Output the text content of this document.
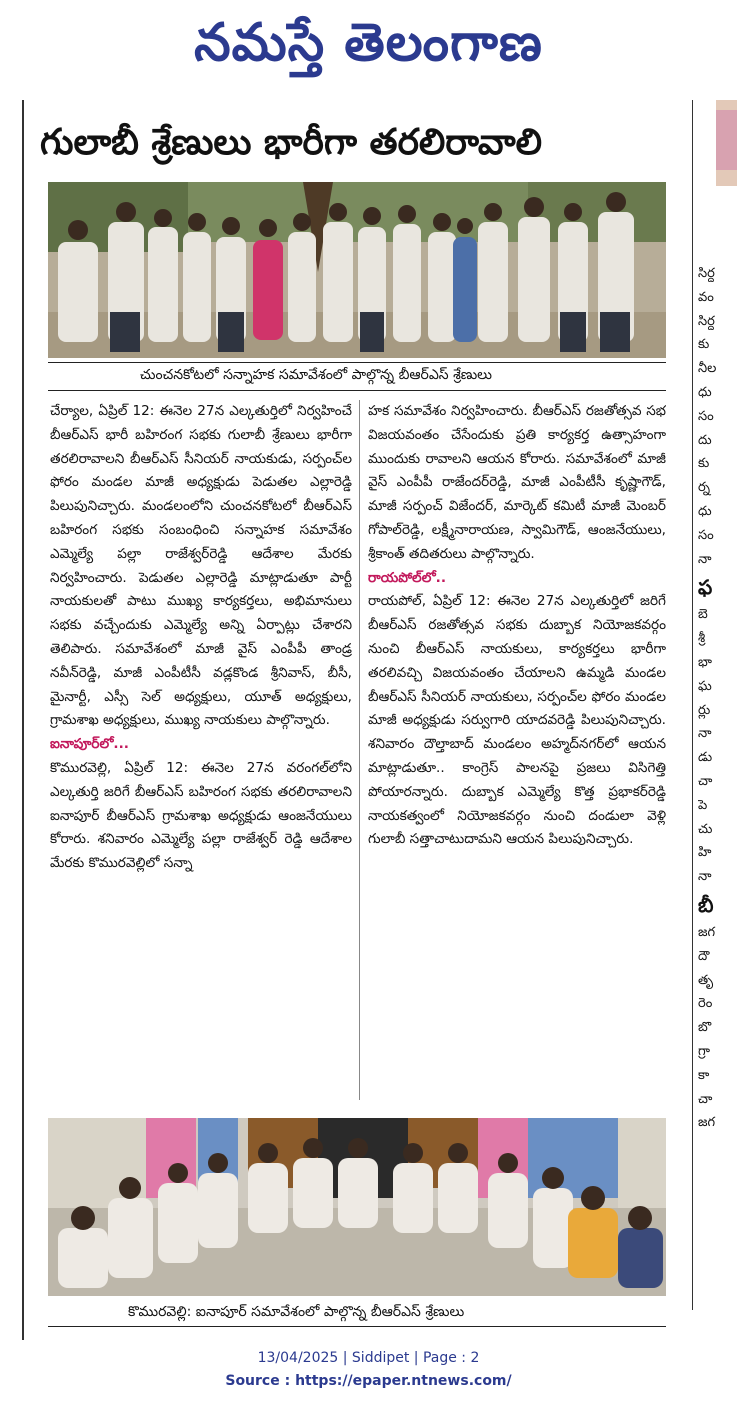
నమస్తే తెలంగాణ
గులాబీ శ్రేణులు భారీగా తరలిరావాలి
చుంచనకోటలో సన్నాహక సమావేశంలో పాల్గొన్న బీఆర్ఎస్ శ్రేణులు

చేర్యాల, ఏప్రిల్ 12: ఈనెల 27న ఎల్కతుర్తిలో నిర్వహించే బీఆర్ఎస్ భారీ బహిరంగ సభకు గులాబీ శ్రేణులు భారీగా తరలిరావాలని బీఆర్ఎస్ సీనియర్ నాయకుడు, సర్పంచ్‌ల ఫోరం మండల మాజీ అధ్యక్షుడు పెడుతల ఎల్లారెడ్డి పిలుపునిచ్చారు. మండలంలోని చుంచనకోటలో బీఆర్ఎస్ బహిరంగ సభకు సంబంధించి సన్నాహక సమావేశం ఎమ్మెల్యే పల్లా రాజేశ్వర్‌రెడ్డి ఆదేశాల మేరకు నిర్వహించారు. పెడుతల ఎల్లారెడ్డి మాట్లాడుతూ పార్టీ నాయకులతో పాటు ముఖ్య కార్యకర్తలు, అభిమానులు సభకు వచ్చేందుకు ఎమ్మెల్యే అన్ని ఏర్పాట్లు చేశారని తెలిపారు. సమావేశంలో మాజీ వైస్ ఎంపీపీ తాండ్ర నవీన్‌రెడ్డి, మాజీ ఎంపీటీసీ వడ్లకొండ శ్రీనివాస్, బీసీ, మైనార్టీ, ఎస్సీ సెల్ అధ్యక్షులు, యూత్ అధ్యక్షులు, గ్రామశాఖ అధ్యక్షులు, ముఖ్య నాయకులు పాల్గొన్నారు.

ఐనాపూర్‌లో...

కొమురవెల్లి, ఏప్రిల్ 12: ఈనెల 27న వరంగల్‌లోని ఎల్కతుర్తి జరిగే బీఆర్ఎస్ బహిరంగ సభకు తరలిరావాలని ఐనాపూర్ బీఆర్ఎస్ గ్రామశాఖ అధ్యక్షుడు ఆంజనేయులు కోరారు. శనివారం ఎమ్మెల్యే పల్లా రాజేశ్వర్ రెడ్డి ఆదేశాల మేరకు కొమురవెల్లిలో సన్నా

హక సమావేశం నిర్వహించారు. బీఆర్ఎస్ రజతోత్సవ సభ విజయవంతం చేసేందుకు ప్రతి కార్యకర్త ఉత్సాహంగా ముందుకు రావాలని ఆయన కోరారు. సమావేశంలో మాజీ వైస్ ఎంపీపీ రాజేందర్‌రెడ్డి, మాజీ ఎంపీటీసీ కృష్ణాగౌడ్, మాజీ సర్పంచ్ విజేందర్, మార్కెట్ కమిటీ మాజీ మెంబర్ గోపాల్‌రెడ్డి, లక్ష్మీనారాయణ, స్వామిగౌడ్, ఆంజనేయులు, శ్రీకాంత్ తదితరులు పాల్గొన్నారు.

రాయపోల్‌లో..

రాయపోల్, ఏప్రిల్ 12: ఈనెల 27న ఎల్కతుర్తిలో జరిగే బీఆర్ఎస్ రజతోత్సవ సభకు దుబ్బాక నియోజకవర్గం నుంచి బీఆర్ఎస్ నాయకులు, కార్యకర్తలు భారీగా తరలివచ్చి విజయవంతం చేయాలని ఉమ్మడి మండల బీఆర్ఎస్ సీనియర్ నాయకులు, సర్పంచ్‌ల ఫోరం మండల మాజీ అధ్యక్షుడు సర్వుగారి యాదవరెడ్డి పిలుపునిచ్చారు. శనివారం దౌల్తాబాద్ మండలం అహ్మద్‌నగర్‌లో ఆయన మాట్లాడుతూ.. కాంగ్రెస్ పాలనపై ప్రజలు విసిగెత్తి పోయారన్నారు. దుబ్బాక ఎమ్మెల్యే కొత్త ప్రభాకర్‌రెడ్డి నాయకత్వంలో నియోజకవర్గం నుంచి దండులా వెళ్లి గులాబీ సత్తాచాటుదామని ఆయన పిలుపునిచ్చారు.

కొమురవెల్లి: ఐనాపూర్ సమావేశంలో పాల్గొన్న బీఆర్ఎస్ శ్రేణులు
సిర్ద
వం
సిర్ద
కు
నీల
ధు
సం
దు
కు
ర్న
ధు
సం
నా
ఫ
బె
శ్రీ
భా
ఘ
ర్లు
నా
డు
చా
పె
చు
హి
నా
బీ
జగ
దౌ
తృ
రెం
బొ
గ్రా
కా
చా
జగ
13/04/2025 | Siddipet | Page : 2
Source : https://epaper.ntnews.com/
